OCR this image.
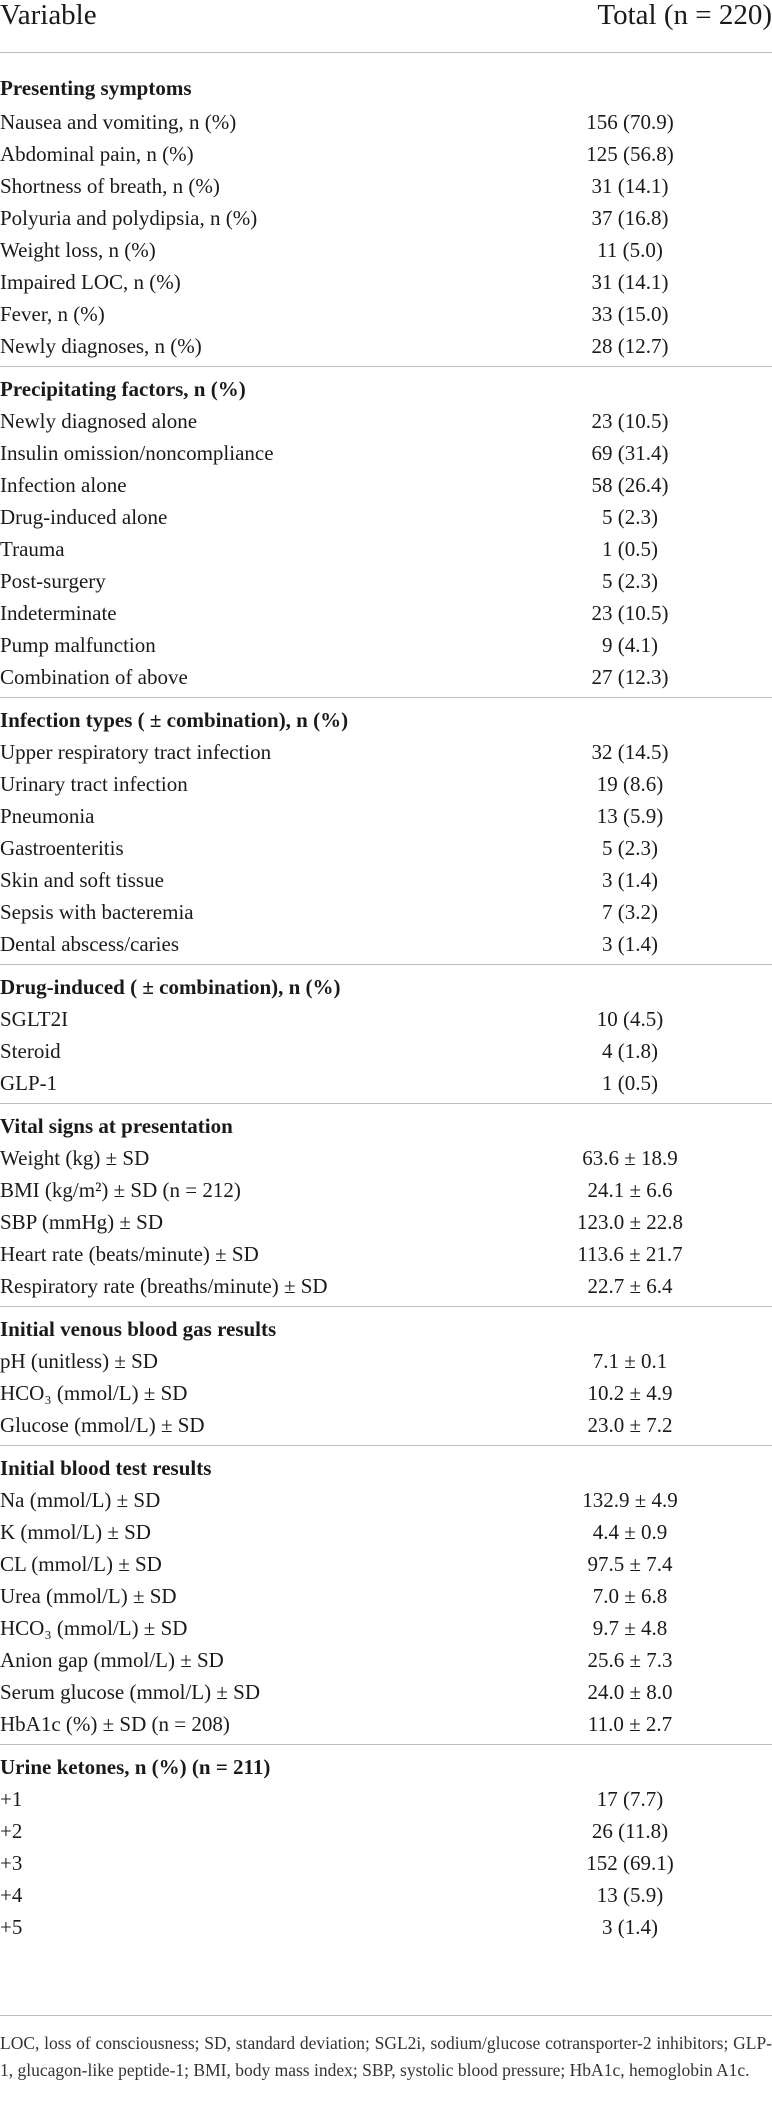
Variable	Total (n = 220)
Presenting symptoms
Nausea and vomiting, n (%)	156 (70.9)
Abdominal pain, n (%)	125 (56.8)
Shortness of breath, n (%)	31 (14.1)
Polyuria and polydipsia, n (%)	37 (16.8)
Weight loss, n (%)	11 (5.0)
Impaired LOC, n (%)	31 (14.1)
Fever, n (%)	33 (15.0)
Newly diagnoses, n (%)	28 (12.7)
Precipitating factors, n (%)
Newly diagnosed alone	23 (10.5)
Insulin omission/noncompliance	69 (31.4)
Infection alone	58 (26.4)
Drug-induced alone	5 (2.3)
Trauma	1 (0.5)
Post-surgery	5 (2.3)
Indeterminate	23 (10.5)
Pump malfunction	9 (4.1)
Combination of above	27 (12.3)
Infection types ( ± combination), n (%)
Upper respiratory tract infection	32 (14.5)
Urinary tract infection	19 (8.6)
Pneumonia	13 (5.9)
Gastroenteritis	5 (2.3)
Skin and soft tissue	3 (1.4)
Sepsis with bacteremia	7 (3.2)
Dental abscess/caries	3 (1.4)
Drug-induced ( ± combination), n (%)
SGLT2I	10 (4.5)
Steroid	4 (1.8)
GLP-1	1 (0.5)
Vital signs at presentation
Weight (kg) ± SD	63.6 ± 18.9
BMI (kg/m²) ± SD (n = 212)	24.1 ± 6.6
SBP (mmHg) ± SD	123.0 ± 22.8
Heart rate (beats/minute) ± SD	113.6 ± 21.7
Respiratory rate (breaths/minute) ± SD	22.7 ± 6.4
Initial venous blood gas results
pH (unitless) ± SD	7.1 ± 0.1
HCO₃ (mmol/L) ± SD	10.2 ± 4.9
Glucose (mmol/L) ± SD	23.0 ± 7.2
Initial blood test results
Na (mmol/L) ± SD	132.9 ± 4.9
K (mmol/L) ± SD	4.4 ± 0.9
CL (mmol/L) ± SD	97.5 ± 7.4
Urea (mmol/L) ± SD	7.0 ± 6.8
HCO₃ (mmol/L) ± SD	9.7 ± 4.8
Anion gap (mmol/L) ± SD	25.6 ± 7.3
Serum glucose (mmol/L) ± SD	24.0 ± 8.0
HbA1c (%) ± SD (n = 208)	11.0 ± 2.7
Urine ketones, n (%) (n = 211)
+1	17 (7.7)
+2	26 (11.8)
+3	152 (69.1)
+4	13 (5.9)
+5	3 (1.4)
LOC, loss of consciousness; SD, standard deviation; SGL2i, sodium/glucose cotransporter-2 inhibitors; GLP-1, glucagon-like peptide-1; BMI, body mass index; SBP, systolic blood pressure; HbA1c, hemoglobin A1c.
